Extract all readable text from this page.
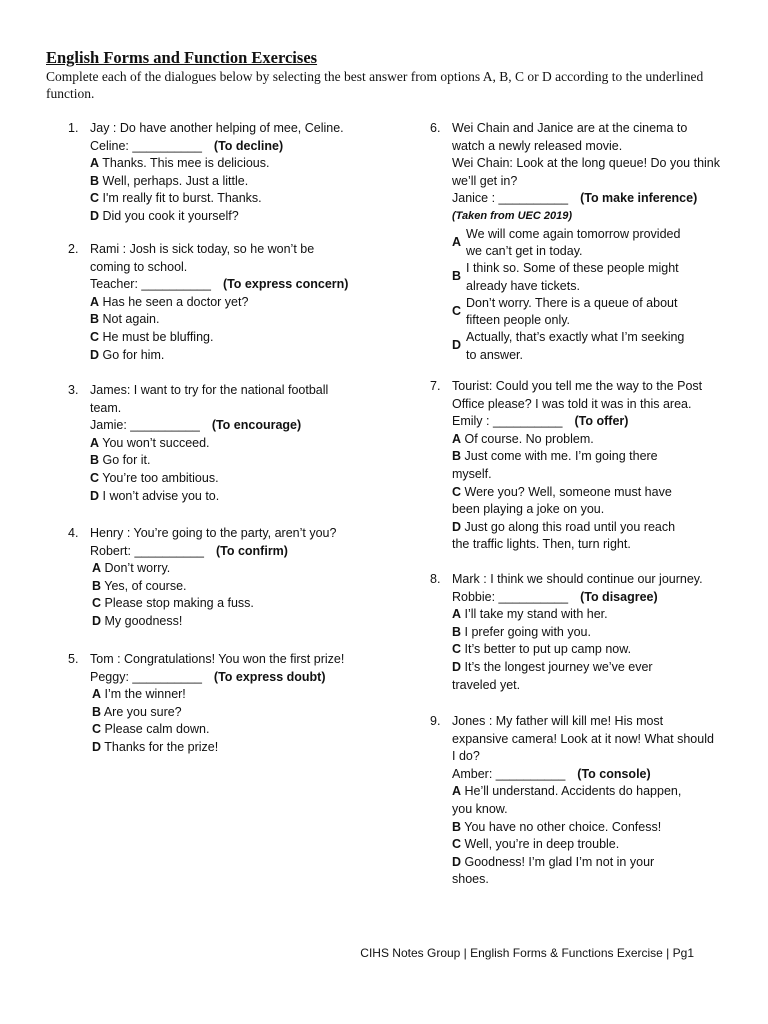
English Forms and Function Exercises
Complete each of the dialogues below by selecting the best answer from options A, B, C or D according to the underlined function.
1. Jay : Do have another helping of mee, Celine.
Celine: __________ (To decline)
A Thanks. This mee is delicious.
B Well, perhaps. Just a little.
C I'm really fit to burst. Thanks.
D Did you cook it yourself?
2. Rami : Josh is sick today, so he won’t be
coming to school.
Teacher: __________ (To express concern)
A Has he seen a doctor yet?
B Not again.
C He must be bluffing.
D Go for him.
3. James: I want to try for the national football
team.
Jamie: __________ (To encourage)
A You won’t succeed.
B Go for it.
C You’re too ambitious.
D I won’t advise you to.
4. Henry : You’re going to the party, aren’t you?
Robert: __________ (To confirm)
A Don’t worry.
B Yes, of course.
C Please stop making a fuss.
D My goodness!
5. Tom : Congratulations! You won the first prize!
Peggy: __________ (To express doubt)
A I’m the winner!
B Are you sure?
C Please calm down.
D Thanks for the prize!
6. Wei Chain and Janice are at the cinema to
watch a newly released movie.
Wei Chain: Look at the long queue! Do you think
we’ll get in?
Janice : __________ (To make inference)
(Taken from UEC 2019)
A
We will come again tomorrow provided
we can’t get in today.
B
I think so. Some of these people might
already have tickets.
C
Don’t worry. There is a queue of about
fifteen people only.
D
Actually, that’s exactly what I’m seeking
to answer.
7. Tourist: Could you tell me the way to the Post
Office please? I was told it was in this area.
Emily : __________ (To offer)
A Of course. No problem.
B Just come with me. I’m going there
myself.
C Were you? Well, someone must have
been playing a joke on you.
D Just go along this road until you reach
the traffic lights. Then, turn right.
8. Mark : I think we should continue our journey.
Robbie: __________ (To disagree)
A I’ll take my stand with her.
B I prefer going with you.
C It’s better to put up camp now.
D It’s the longest journey we’ve ever
traveled yet.
9. Jones : My father will kill me! His most
expansive camera! Look at it now! What should
I do?
Amber: __________ (To console)
A He’ll understand. Accidents do happen,
you know.
B You have no other choice. Confess!
C Well, you’re in deep trouble.
D Goodness! I’m glad I’m not in your
shoes.
CIHS Notes Group | English Forms & Functions Exercise | Pg1
